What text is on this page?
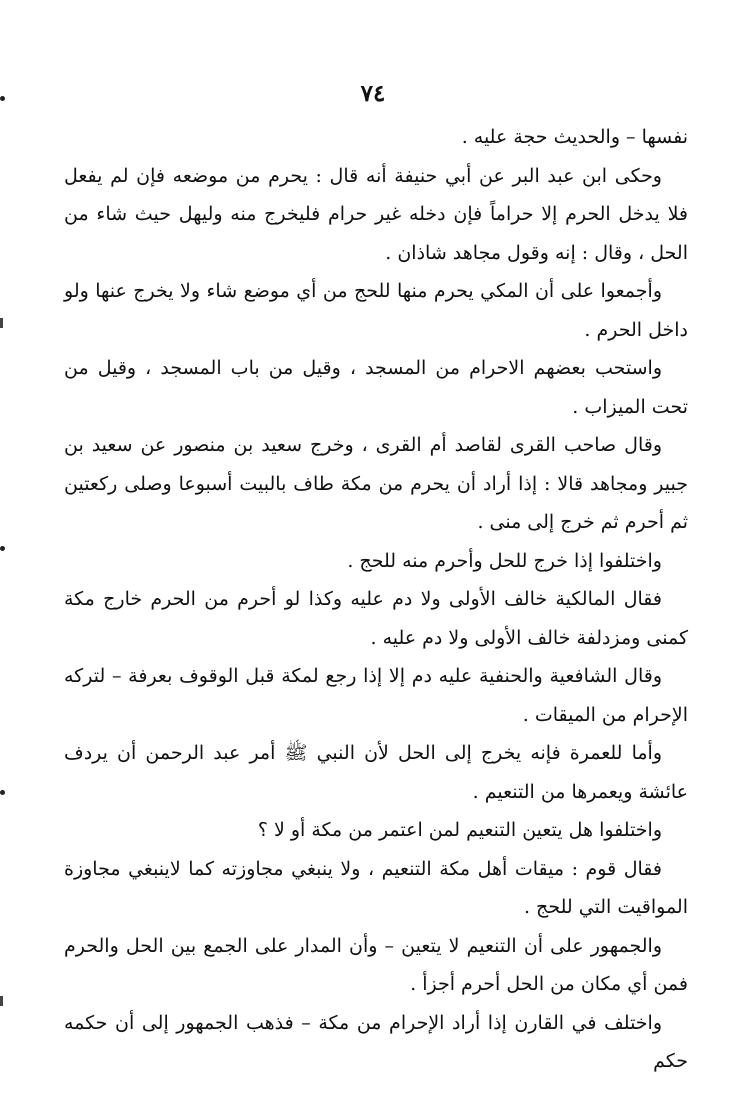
٧٤

نفسها – والحديث حجة عليه .

وحكى ابن عبد البر عن أبي حنيفة أنه قال : يحرم من موضعه فإن لم يفعل فلا يدخل الحرم إلا حراماً فإن دخله غير حرام فليخرج منه وليهل حيث شاء من الحل ، وقال : إنه وقول مجاهد شاذان .

وأجمعوا على أن المكي يحرم منها للحج من أي موضع شاء ولا يخرج عنها ولو داخل الحرم .

واستحب بعضهم الاحرام من المسجد ، وقيل من باب المسجد ، وقيل من تحت الميزاب .

وقال صاحب القرى لقاصد أم القرى ، وخرج سعيد بن منصور عن سعيد بن جبير ومجاهد قالا : إذا أراد أن يحرم من مكة طاف بالبيت أسبوعا وصلى ركعتين ثم أحرم ثم خرج إلى منى .

واختلفوا إذا خرج للحل وأحرم منه للحج .

فقال المالكية خالف الأولى ولا دم عليه وكذا لو أحرم من الحرم خارج مكة كمنى ومزدلفة خالف الأولى ولا دم عليه .

وقال الشافعية والحنفية عليه دم إلا إذا رجع لمكة قبل الوقوف بعرفة – لتركه الإحرام من الميقات .

وأما للعمرة فإنه يخرج إلى الحل لأن النبي ﷺ أمر عبد الرحمن أن يردف عائشة ويعمرها من التنعيم .

واختلفوا هل يتعين التنعيم لمن اعتمر من مكة أو لا ؟

فقال قوم : ميقات أهل مكة التنعيم ، ولا ينبغي مجاوزته كما لاينبغي مجاوزة المواقيت التي للحج .

والجمهور على أن التنعيم لا يتعين – وأن المدار على الجمع بين الحل والحرم فمن أي مكان من الحل أحرم أجزأ .

واختلف في القارن إذا أراد الإحرام من مكة – فذهب الجمهور إلى أن حكمه حكم
